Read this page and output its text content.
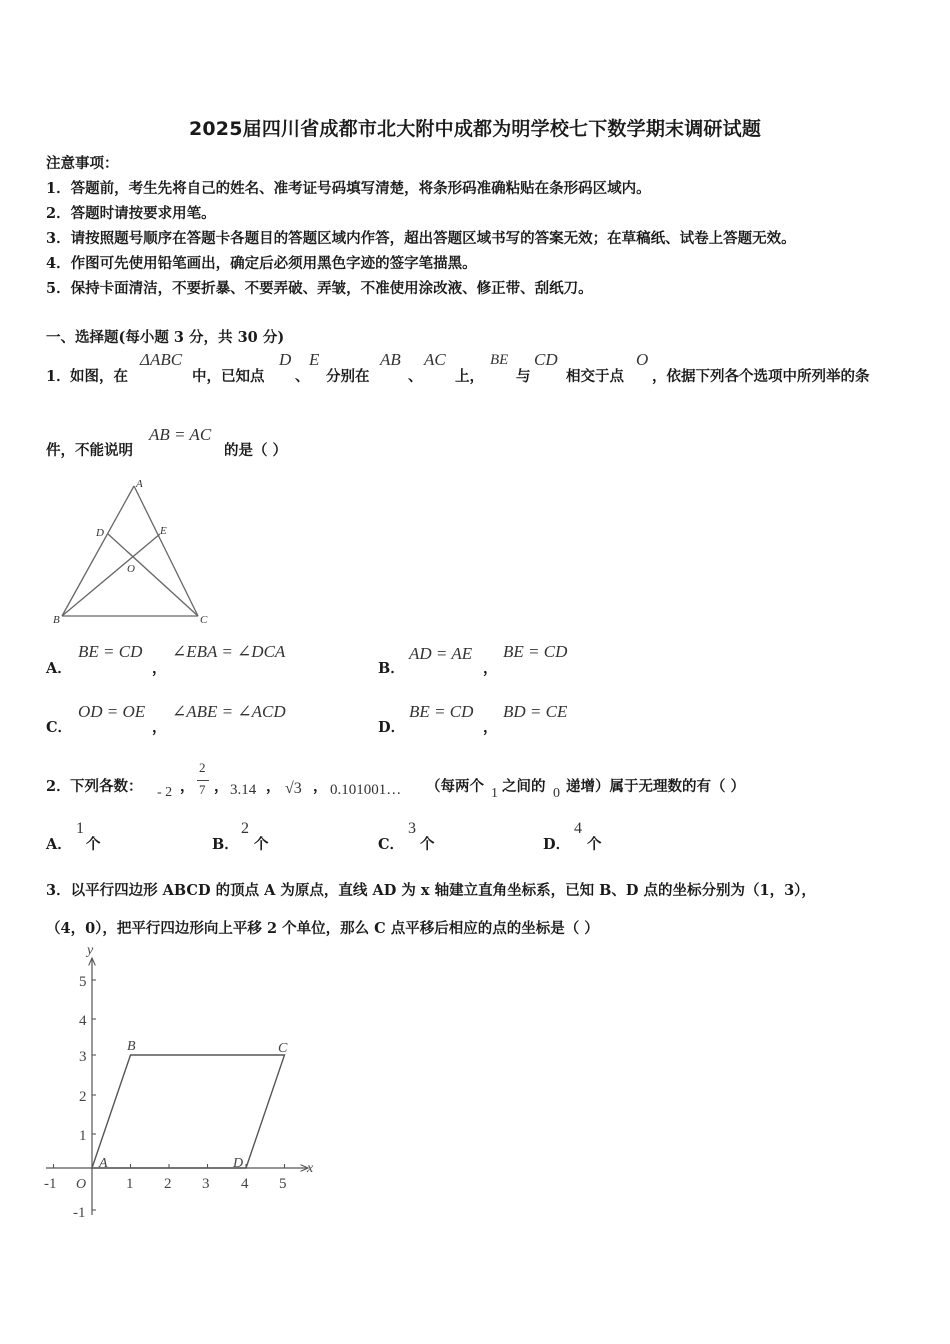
2025届四川省成都市北大附中成都为明学校七下数学期末调研试题
注意事项：
1．答题前，考生先将自己的姓名、准考证号码填写清楚，将条形码准确粘贴在条形码区域内。
2．答题时请按要求用笔。
3．请按照题号顺序在答题卡各题目的答题区域内作答，超出答题区域书写的答案无效；在草稿纸、试卷上答题无效。
4．作图可先使用铅笔画出，确定后必须用黑色字迹的签字笔描黑。
5．保持卡面清洁，不要折暴、不要弄破、弄皱，不准使用涂改液、修正带、刮纸刀。
一、选择题(每小题 3 分，共 30 分)
1． 如图，在
ΔABC
中，已知点
D
、
E
分别在
AB
、
AC
上，
BE
与
CD
相交于点
O
，依据下列各个选项中所列举的条
件，不能说明
AB = AC
的是（ ）
A
B	C
D	E
O
A．
BE = CD
，
∠EBA = ∠DCA
B．
AD = AE
，
BE = CD
C．
OD = OE
，
∠ABE = ∠ACD
D．
BE = CD
，
BD = CE
2． 下列各数： - 2 ，
2
7 ， 3.14 ， √3 ， 0.101001… （每两个 1 之间的 0 递增）属于无理数的有（ ）
A．
1
个	B．
2
个	C．
3
个	D．
4
个
3．以平行四边形 ABCD 的顶点 A 为原点，直线 AD 为 x 轴建立直角坐标系，已知 B、D 点的坐标分别为（1，3），
（4，0），把平行四边形向上平移 2 个单位，那么 C 点平移后相应的点的坐标是（ ）
-1	1 2 3 4 5
5
4
3
2
1
-1
O
x
y
A
B	C
D
